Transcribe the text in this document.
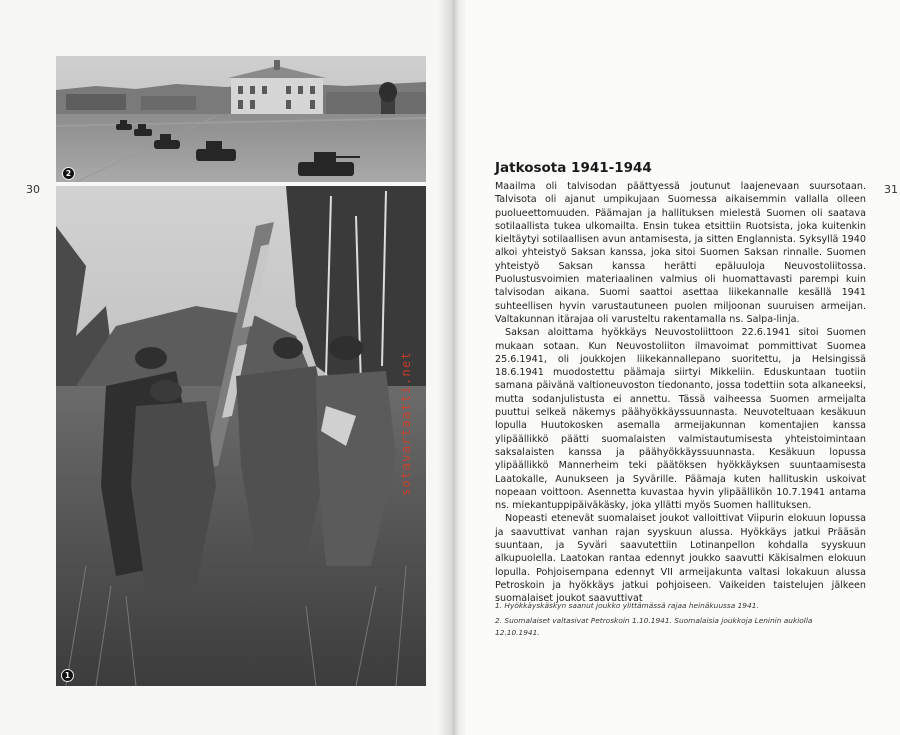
30	31
2
1
sotavartaatti.net
Jatkosota 1941-1944

Maailma oli talvisodan päättyessä joutunut laajenevaan suursotaan. Talvisota oli ajanut umpikujaan Suomessa aikaisemmin vallalla olleen puolueettomuuden. Päämajan ja hallituksen mielestä Suomen oli saatava sotilaallista tukea ulkomailta. Ensin tukea etsittiin Ruotsista, joka kuitenkin kieltäytyi sotilaallisen avun antamisesta, ja sitten Englannista. Syksyllä 1940 alkoi yhteistyö Saksan kanssa, joka sitoi Suomen Saksan rinnalle. Suomen yhteistyö Saksan kanssa herätti epäluuloja Neuvostoliitossa. Puolustusvoimien materiaalinen valmius oli huomattavasti parempi kuin talvisodan aikana. Suomi saattoi asettaa liikekannalle kesällä 1941 suhteellisen hyvin varustautuneen puolen miljoonan suuruisen armeijan. Valtakunnan itärajaa oli varusteltu rakentamalla ns. Salpa-linja.

Saksan aloittama hyökkäys Neuvostoliittoon 22.6.1941 sitoi Suomen mukaan sotaan. Kun Neuvostoliiton ilmavoimat pommittivat Suomea 25.6.1941, oli joukkojen liikekannallepano suoritettu, ja Helsingissä 18.6.1941 muodostettu päämaja siirtyi Mikkeliin. Eduskuntaan tuotiin samana päivänä valtioneuvoston tiedonanto, jossa todettiin sota alkaneeksi, mutta sodanjulistusta ei annettu. Tässä vaiheessa Suomen armeijalta puuttui selkeä näkemys päähyökkäyssuunnasta. Neuvoteltuaan kesäkuun lopulla Huutokosken asemalla armeijakunnan komentajien kanssa ylipäällikkö päätti suomalaisten valmistautumisesta yhteistoimintaan saksalaisten kanssa ja päähyökkäyssuunnasta. Kesäkuun lopussa ylipäällikkö Mannerheim teki päätöksen hyökkäyksen suuntaamisesta Laatokalle, Aunukseen ja Syvärille. Päämaja kuten hallituskin uskoivat nopeaan voittoon. Asennetta kuvastaa hyvin ylipäällikön 10.7.1941 antama ns. miekantuppipäiväkäsky, joka yllätti myös Suomen hallituksen.

Nopeasti etenevät suomalaiset joukot valloittivat Viipurin elokuun lopussa ja saavuttivat vanhan rajan syyskuun alussa. Hyökkäys jatkui Prääsän suuntaan, ja Syväri saavutettiin Lotinanpellon kohdalla syyskuun alkupuolella. Laatokan rantaa edennyt joukko saavutti Käkisalmen elokuun lopulla. Pohjoisempana edennyt VII armeijakunta valtasi lokakuun alussa Petroskoin ja hyökkäys jatkui pohjoiseen. Vaikeiden taistelujen jälkeen suomalaiset joukot saavuttivat

1. Hyökkäyskäskyn saanut joukko ylittämässä rajaa heinäkuussa 1941.

2. Suomalaiset valtasivat Petroskoin 1.10.1941. Suomalaisia joukkoja Leninin aukiolla 12.10.1941.
